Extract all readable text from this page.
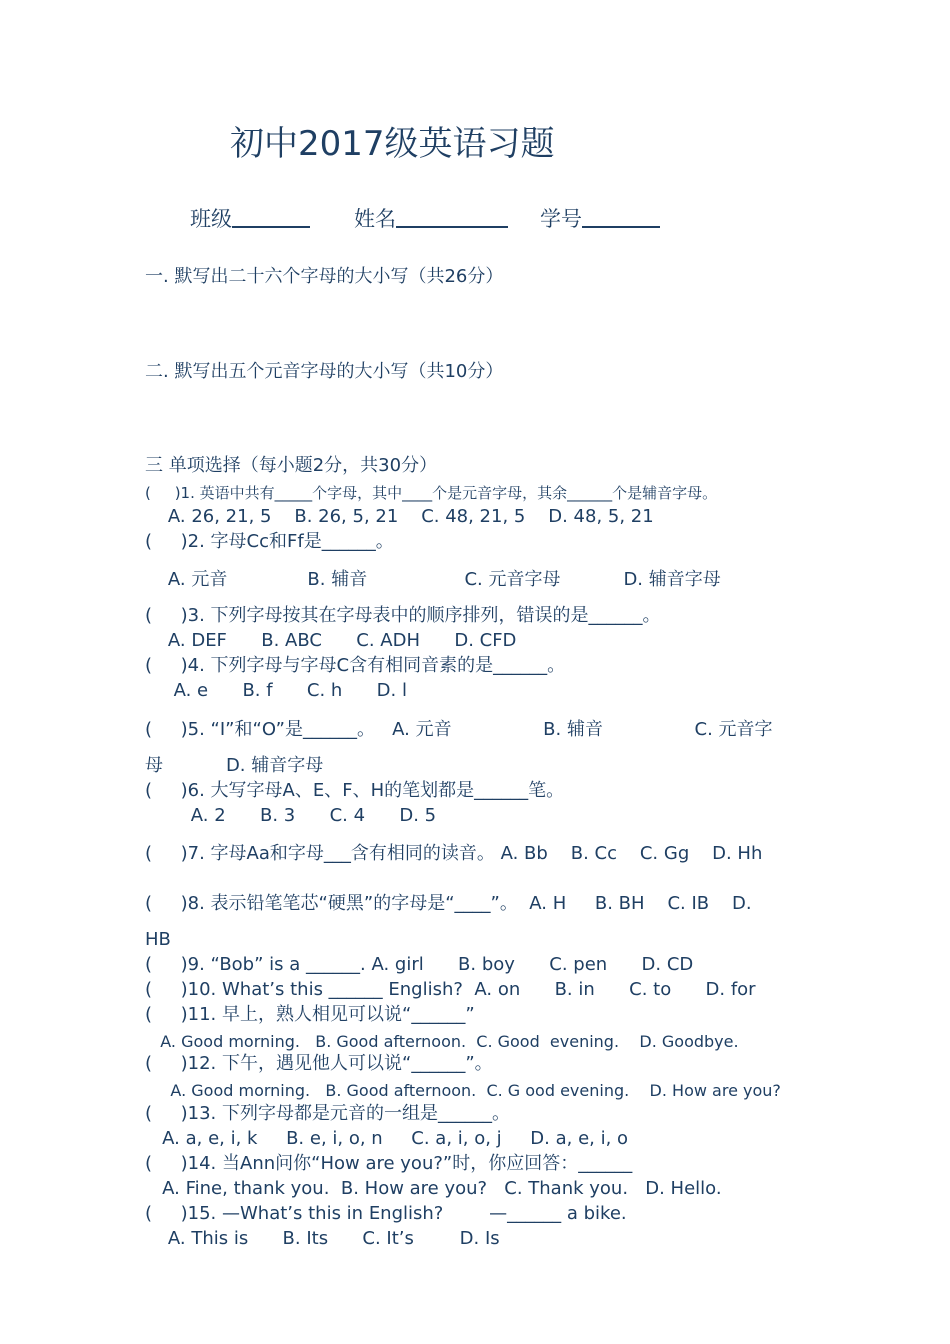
初中2017级英语习题
班级	姓名	学号
一. 默写出二十六个字母的大小写（共26分）
二. 默写出五个元音字母的大小写（共10分）
三 单项选择（每小题2分，共30分）
(     )1. 英语中共有_____个字母，其中____个是元音字母，其余______个是辅音字母。
A. 26, 21, 5    B. 26, 5, 21    C. 48, 21, 5    D. 48, 5, 21
(     )2. 字母Cc和Ff是______。
A. 元音              B. 辅音                 C. 元音字母           D. 辅音字母
(     )3. 下列字母按其在字母表中的顺序排列，错误的是______。
A. DEF      B. ABC      C. ADH      D. CFD
(     )4. 下列字母与字母C含有相同音素的是______。
A. e      B. f      C. h      D. l
(     )5. “I”和“O”是______。   A. 元音                B. 辅音                C. 元音字
母           D. 辅音字母
(     )6. 大写字母A、E、F、H的笔划都是______笔。
A. 2      B. 3      C. 4      D. 5
(     )7. 字母Aa和字母___含有相同的读音。 A. Bb    B. Cc    C. Gg    D. Hh
(     )8. 表示铅笔笔芯“硬黑”的字母是“____”。  A. H     B. BH    C. IB    D.
HB
(     )9. “Bob” is a ______. A. girl      B. boy      C. pen      D. CD
(     )10. What’s this ______ English?  A. on      B. in      C. to      D. for
(     )11. 早上，熟人相见可以说“______”
A. Good morning.   B. Good afternoon.  C. Good  evening.    D. Goodbye.
(     )12. 下午，遇见他人可以说“______”。
A. Good morning.   B. Good afternoon.  C. G ood evening.    D. How are you?
(     )13. 下列字母都是元音的一组是______。
A. a, e, i, k     B. e, i, o, n     C. a, i, o, j     D. a, e, i, o
(     )14. 当Ann问你“How are you?”时，你应回答：______
A. Fine, thank you.  B. How are you?   C. Thank you.   D. Hello.
(     )15. —What’s this in English?        —______ a bike.
A. This is      B. Its      C. It’s        D. Is
